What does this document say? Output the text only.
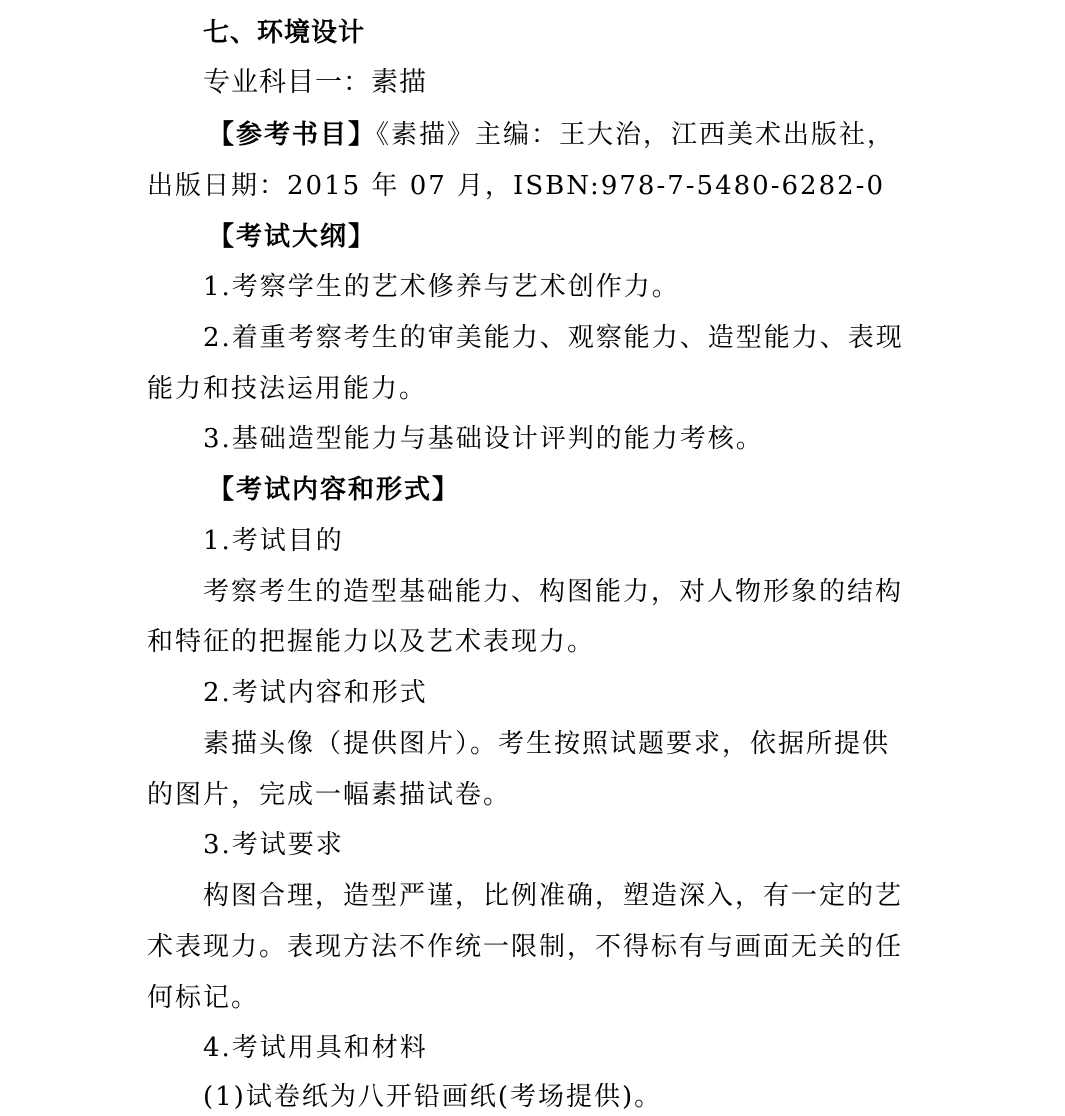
七、环境设计
专业科目一：素描
【参考书目】《素描》主编：王大治，江西美术出版社，
出版日期：2015 年 07 月，ISBN:978-7-5480-6282-0
【考试大纲】
1.考察学生的艺术修养与艺术创作力。
2.着重考察考生的审美能力、观察能力、造型能力、表现
能力和技法运用能力。
3.基础造型能力与基础设计评判的能力考核。
【考试内容和形式】
1.考试目的
考察考生的造型基础能力、构图能力，对人物形象的结构
和特征的把握能力以及艺术表现力。
2.考试内容和形式
素描头像（提供图片）。考生按照试题要求，依据所提供
的图片，完成一幅素描试卷。
3.考试要求
构图合理，造型严谨，比例准确，塑造深入，有一定的艺
术表现力。表现方法不作统一限制，不得标有与画面无关的任
何标记。
4.考试用具和材料
(1)试卷纸为八开铅画纸(考场提供)。
